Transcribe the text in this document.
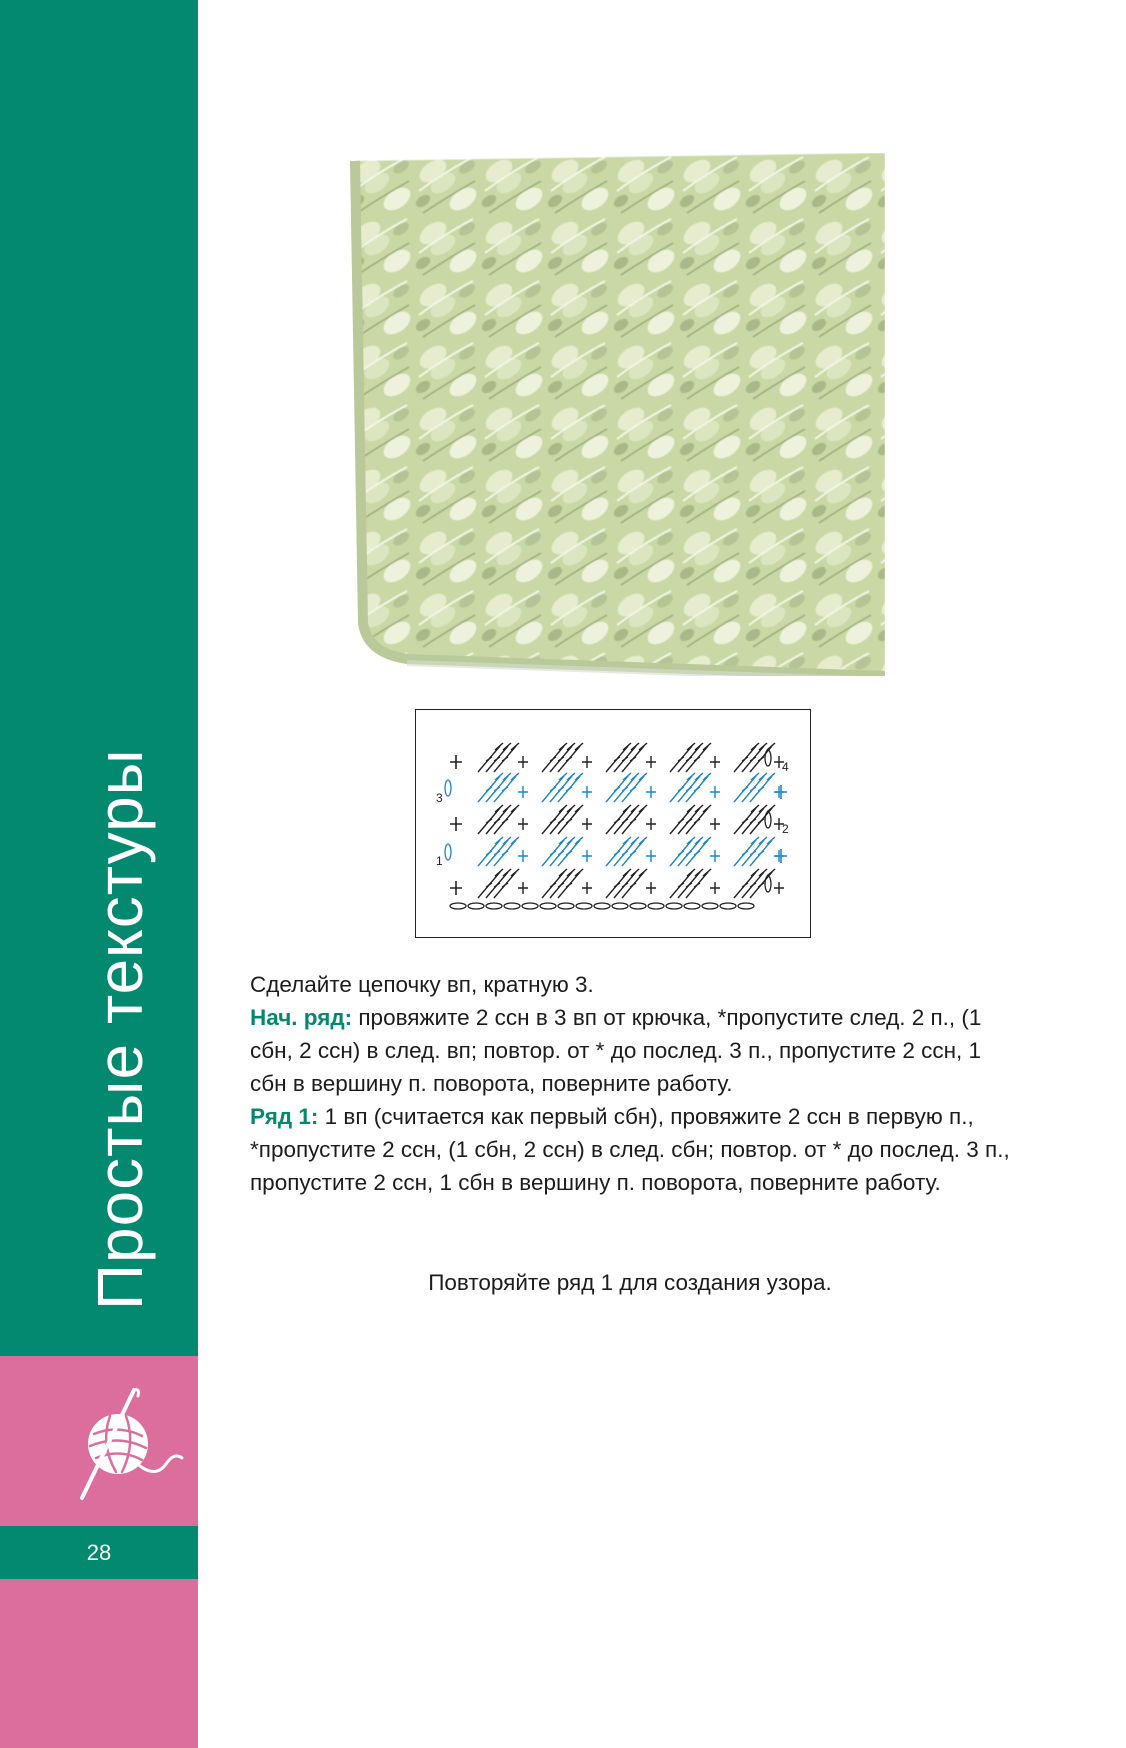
Простые текстуры
28
1
2
3
4

Сделайте цепочку вп, кратную 3.

Нач. ряд: провяжите 2 ссн в 3 вп от крючка, *пропустите след. 2 п., (1 сбн, 2 ссн) в след. вп; повтор. от * до послед. 3 п., пропустите 2 ссн, 1 сбн в вершину п. поворота, поверните работу.

Ряд 1: 1 вп (считается как первый сбн), провяжите 2 ссн в первую п., *пропустите 2 ссн, (1 сбн, 2 ссн) в след. сбн; повтор. от * до послед. 3 п., пропустите 2 ссн, 1 сбн в вершину п. поворота, поверните работу.

Повторяйте ряд 1 для создания узора.
